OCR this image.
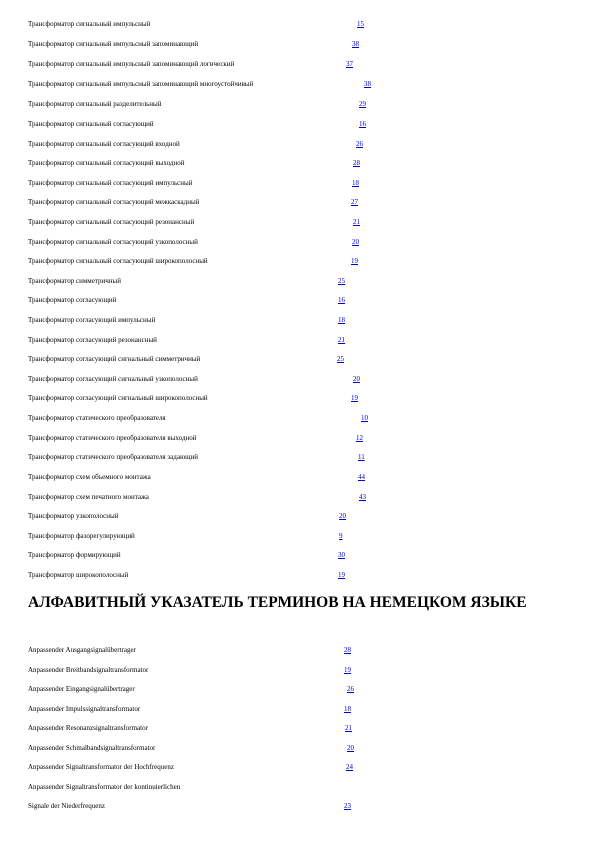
Трансформатор сигнальный импульсный	15
Трансформатор сигнальный импульсный запоминающий	38
Трансформатор сигнальный импульсный запоминающий логический	37
Трансформатор сигнальный импульсный запоминающий многоустойчивый	38
Трансформатор сигнальный разделительный	29
Трансформатор сигнальный согласующий	16
Трансформатор сигнальный согласующий входной	26
Трансформатор сигнальный согласующий выходной	28
Трансформатор сигнальный согласующий импульсный	18
Трансформатор сигнальный согласующий межкаскадный	27
Трансформатор сигнальный согласующий резонансный	21
Трансформатор сигнальный согласующий узкополосный	20
Трансформатор сигнальный согласующий широкополосный	19
Трансформатор симметричный	25
Трансформатор согласующий	16
Трансформатор согласующий импульсный	18
Трансформатор согласующий резонансный	21
Трансформатор согласующий сигнальный симметричный	25
Трансформатор согласующий сигнальный узкополосный	20
Трансформатор согласующий сигнальный широкополосный	19
Трансформатор статического преобразователя	10
Трансформатор статического преобразователя выходной	12
Трансформатор статического преобразователя задающий	11
Трансформатор схем объемного монтажа	44
Трансформатор схем печатного монтажа	43
Трансформатор узкополосный	20
Трансформатор фазорегулирующий	9
Трансформатор формирующий	30
Трансформатор широкополосный	19
АЛФАВИТНЫЙ УКАЗАТЕЛЬ ТЕРМИНОВ НА НЕМЕЦКОМ ЯЗЫКЕ
Anpassender Ausgangsignalübertrager	28
Anpassender Breitbandsignaltransformator	19
Anpassender Eingangsignalübertrager	26
Anpassender Impulssignaltransformator	18
Anpassender Resonanzsignaltransformator	21
Anpassender Schmalbandsignaltransformator	20
Anpassender Signaltransformator der Hochfrequenz	24
Anpassender Signaltransformator der kontinuierlichen
Signale der Niederfrequenz	23
